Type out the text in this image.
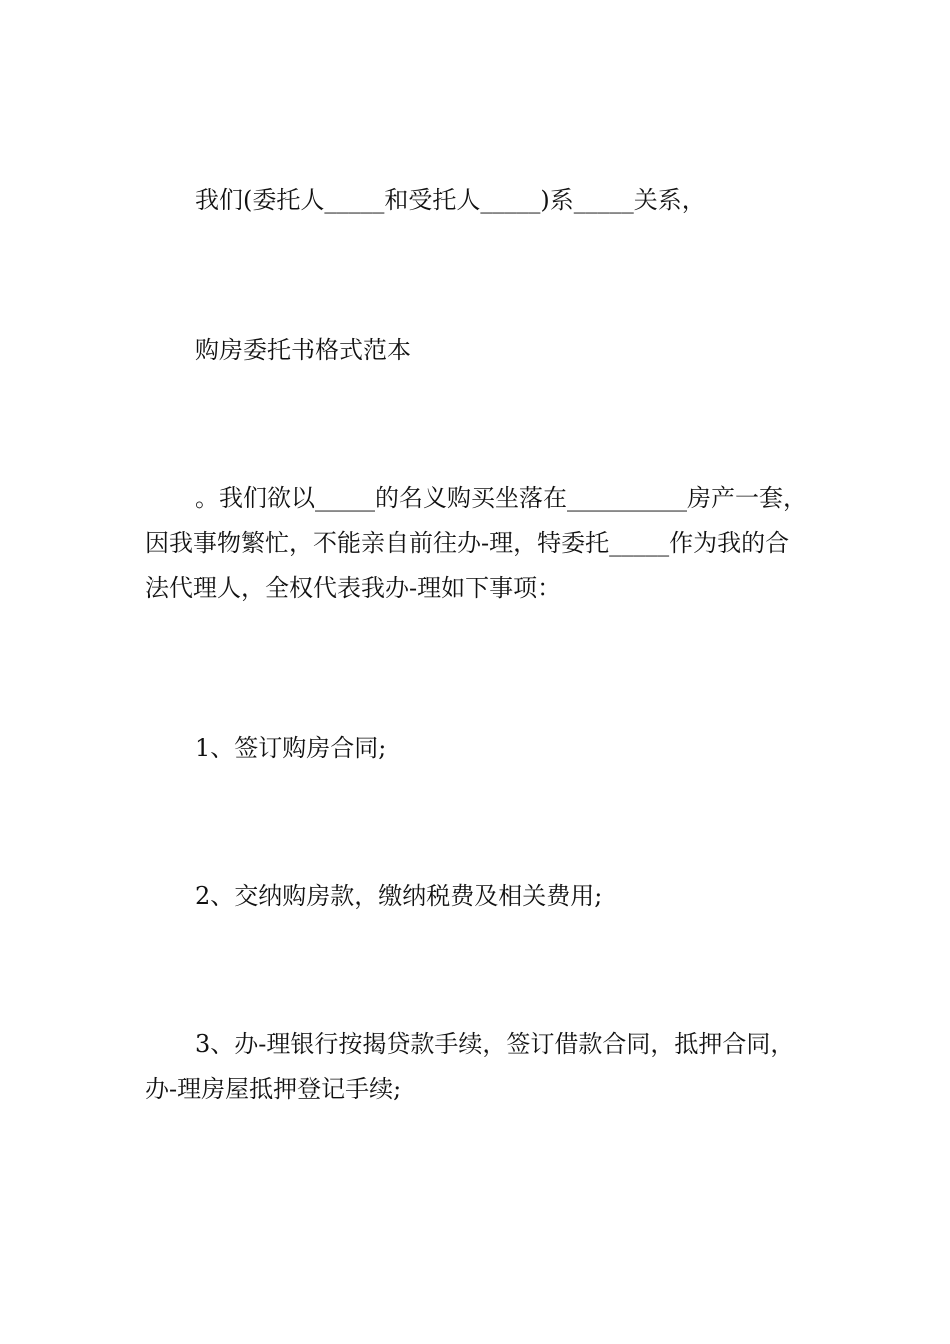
我们(委托人_____和受托人_____)系_____关系，

购房委托书格式范本

。我们欲以_____的名义购买坐落在__________房产一套，因我事物繁忙，不能亲自前往办-理，特委托_____作为我的合法代理人，全权代表我办-理如下事项：

1、签订购房合同;

2、交纳购房款，缴纳税费及相关费用;

3、办-理银行按揭贷款手续，签订借款合同，抵押合同，办-理房屋抵押登记手续;
